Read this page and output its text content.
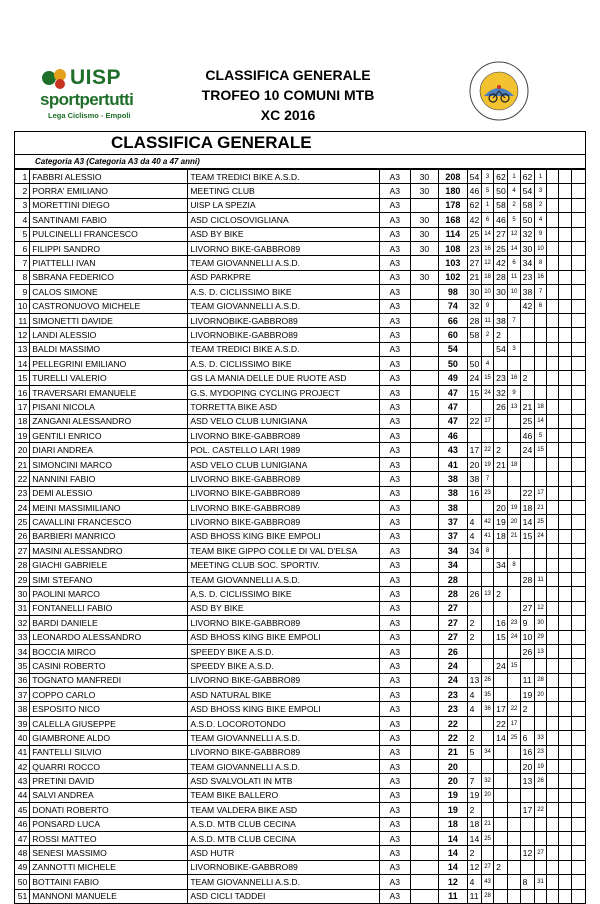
UISP
sportpertutti
Lega Ciclismo - Empoli
CLASSIFICA GENERALE
TROFEO 10 COMUNI MTB
XC 2016
CLASSIFICA GENERALE
Categoria A3 (Categoria A3 da 40 a 47 anni)
1	FABBRI ALESSIO	TEAM TREDICI BIKE A.S.D.	A3	30	208	54	3	62	1	62	1			
2	PORRA' EMILIANO	MEETING CLUB	A3	30	180	46	5	50	4	54	3			
3	MORETTINI DIEGO	UISP LA SPEZIA	A3		178	62	1	58	2	58	2			
4	SANTINAMI FABIO	ASD CICLOSOVIGLIANA	A3	30	168	42	6	46	5	50	4			
5	PULCINELLI FRANCESCO	ASD BY BIKE	A3	30	114	25	14	27	12	32	9			
6	FILIPPI SANDRO	LIVORNO BIKE-GABBRO89	A3	30	108	23	16	25	14	30	10			
7	PIATTELLI IVAN	TEAM GIOVANNELLI A.S.D.	A3		103	27	12	42	6	34	8			
8	SBRANA FEDERICO	ASD PARKPRE	A3	30	102	21	18	28	11	23	16			
9	CALOS SIMONE	A.S. D. CICLISSIMO BIKE	A3		98	30	10	30	10	38	7			
10	CASTRONUOVO MICHELE	TEAM GIOVANNELLI A.S.D.	A3		74	32	9			42	6			
11	SIMONETTI DAVIDE	LIVORNOBIKE-GABBRO89	A3		66	28	11	38	7					
12	LANDI ALESSIO	LIVORNOBIKE-GABBRO89	A3		60	58	2	2						
13	BALDI MASSIMO	TEAM TREDICI BIKE A.S.D.	A3		54			54	3					
14	PELLEGRINI EMILIANO	A.S. D. CICLISSIMO BIKE	A3		50	50	4							
15	TURELLI VALERIO	GS LA MANIA DELLE DUE RUOTE ASD	A3		49	24	15	23	16	2				
16	TRAVERSARI EMANUELE	G.S. MYDOPING CYCLING PROJECT	A3		47	15	24	32	9					
17	PISANI NICOLA	TORRETTA BIKE ASD	A3		47			26	13	21	18			
18	ZANGANI ALESSANDRO	ASD VELO CLUB LUNIGIANA	A3		47	22	17			25	14			
19	GENTILI ENRICO	LIVORNO BIKE-GABBRO89	A3		46					46	5			
20	DIARI ANDREA	POL. CASTELLO LARI 1989	A3		43	17	22	2		24	15			
21	SIMONCINI MARCO	ASD VELO CLUB LUNIGIANA	A3		41	20	19	21	18					
22	NANNINI FABIO	LIVORNO BIKE-GABBRO89	A3		38	38	7							
23	DEMI ALESSIO	LIVORNO BIKE-GABBRO89	A3		38	16	23			22	17			
24	MEINI MASSIMILIANO	LIVORNO BIKE-GABBRO89	A3		38			20	19	18	21			
25	CAVALLINI FRANCESCO	LIVORNO BIKE-GABBRO89	A3		37	4	42	19	20	14	25			
26	BARBIERI MANRICO	ASD BHOSS KING BIKE EMPOLI	A3		37	4	41	18	21	15	24			
27	MASINI ALESSANDRO	TEAM BIKE GIPPO COLLE DI VAL D'ELSA	A3		34	34	8							
28	GIACHI GABRIELE	MEETING CLUB SOC. SPORTIV.	A3		34			34	8					
29	SIMI STEFANO	TEAM GIOVANNELLI A.S.D.	A3		28					28	11			
30	PAOLINI MARCO	A.S. D. CICLISSIMO BIKE	A3		28	26	13	2						
31	FONTANELLI FABIO	ASD BY BIKE	A3		27					27	12			
32	BARDI DANIELE	LIVORNO BIKE-GABBRO89	A3		27	2		16	23	9	30			
33	LEONARDO ALESSANDRO	ASD BHOSS KING BIKE EMPOLI	A3		27	2		15	24	10	29			
34	BOCCIA MIRCO	SPEEDY BIKE A.S.D.	A3		26					26	13			
35	CASINI ROBERTO	SPEEDY BIKE A.S.D.	A3		24			24	15					
36	TOGNATO MANFREDI	LIVORNO BIKE-GABBRO89	A3		24	13	26			11	28			
37	COPPO CARLO	ASD NATURAL BIKE	A3		23	4	35			19	20			
38	ESPOSITO NICO	ASD BHOSS KING BIKE EMPOLI	A3		23	4	36	17	22	2				
39	CALELLA GIUSEPPE	A.S.D. LOCOROTONDO	A3		22			22	17					
40	GIAMBRONE ALDO	TEAM GIOVANNELLI A.S.D.	A3		22	2		14	25	6	33			
41	FANTELLI SILVIO	LIVORNO BIKE-GABBRO89	A3		21	5	34			16	23			
42	QUARRI ROCCO	TEAM GIOVANNELLI A.S.D.	A3		20					20	19			
43	PRETINI DAVID	ASD SVALVOLATI IN MTB	A3		20	7	32			13	26			
44	SALVI ANDREA	TEAM BIKE BALLERO	A3		19	19	20							
45	DONATI ROBERTO	TEAM VALDERA BIKE ASD	A3		19	2				17	22			
46	PONSARD LUCA	A.S.D. MTB CLUB CECINA	A3		18	18	21							
47	ROSSI MATTEO	A.S.D. MTB CLUB CECINA	A3		14	14	25							
48	SENESI MASSIMO	ASD HUTR	A3		14	2				12	27			
49	ZANNOTTI MICHELE	LIVORNOBIKE-GABBRO89	A3		14	12	27	2						
50	BOTTAINI FABIO	TEAM GIOVANNELLI A.S.D.	A3		12	4	43			8	31			
51	MANNONI MANUELE	ASD CICLI TADDEI	A3		11	11	28							
